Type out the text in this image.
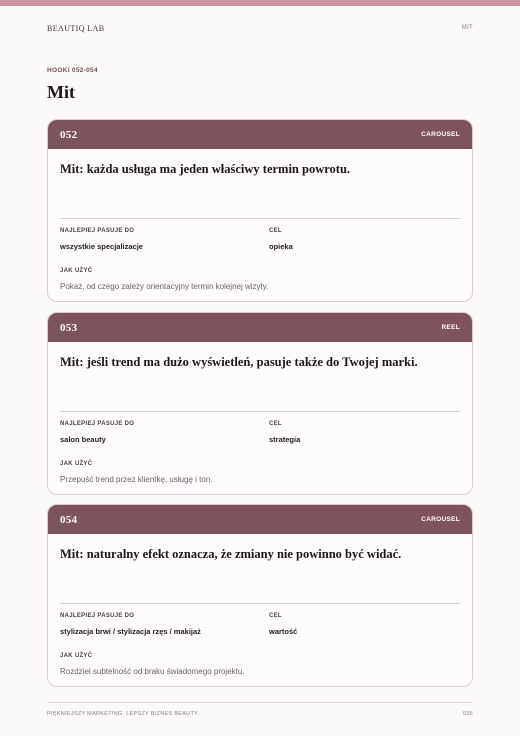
BEAUTIQ LAB	MIT
HOOKI 052-054
Mit
052	CAROUSEL
Mit: każda usługa ma jeden właściwy termin powrotu.
NAJLEPIEJ PASUJE DO
wszystkie specjalizacje
CEL
opieka
JAK UŻYĆ
Pokaż, od czego zależy orientacyjny termin kolejnej wizyty.
053	REEL
Mit: jeśli trend ma dużo wyświetleń, pasuje także do Twojej marki.
NAJLEPIEJ PASUJE DO
salon beauty
CEL
strategia
JAK UŻYĆ
Przepuść trend przez klientkę, usługę i ton.
054	CAROUSEL
Mit: naturalny efekt oznacza, że zmiany nie powinno być widać.
NAJLEPIEJ PASUJE DO
stylizacja brwi / stylizacja rzęs / makijaż
CEL
wartość
JAK UŻYĆ
Rozdziel subtelność od braku świadomego projektu.
PIĘKNIEJSZY MARKETING. LEPSZY BIZNES BEAUTY.	035
